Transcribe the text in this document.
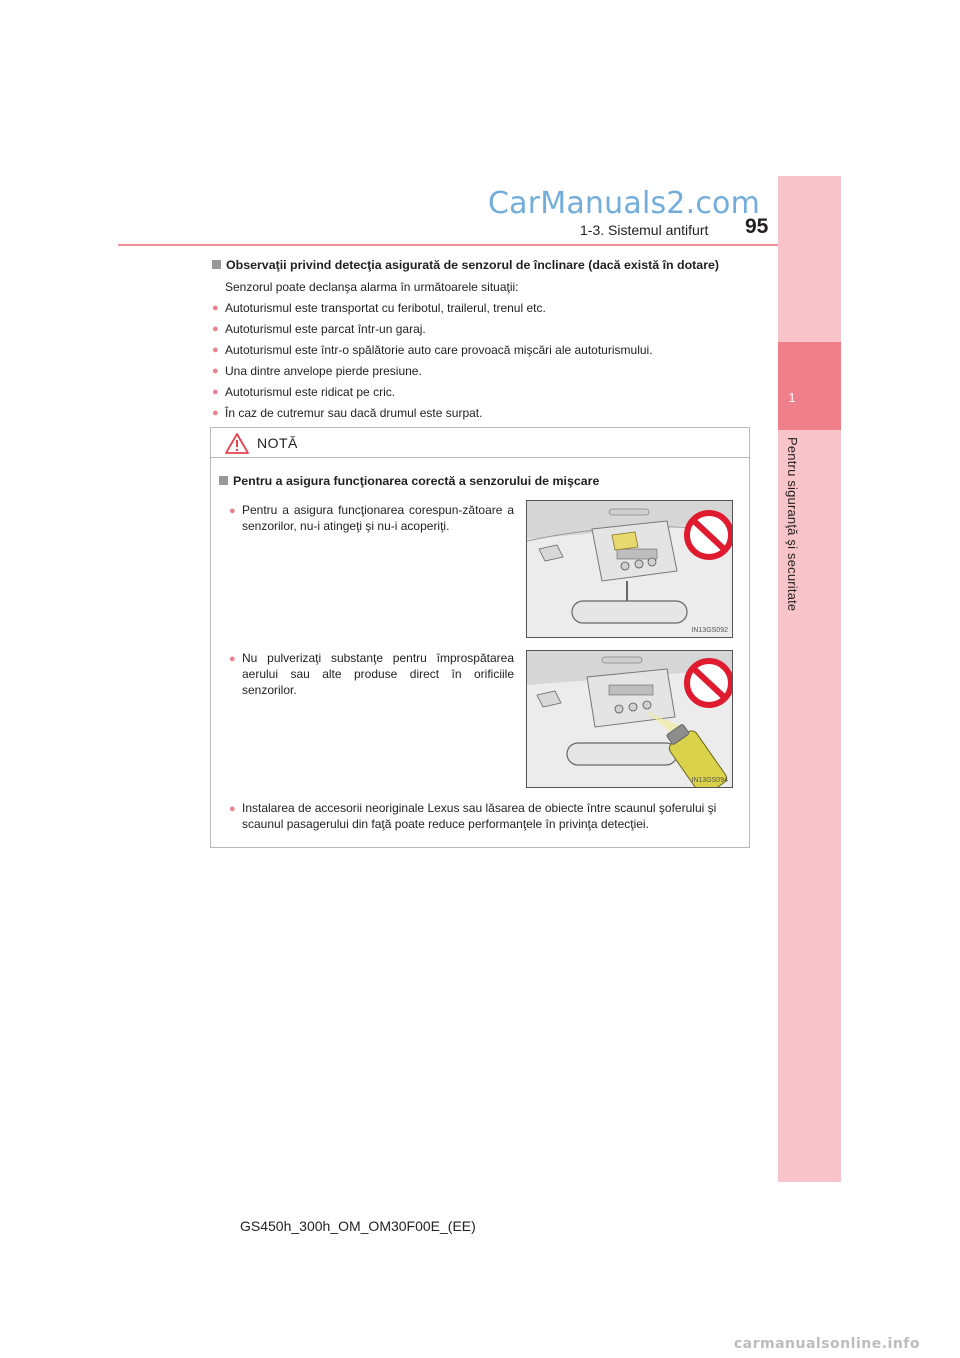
CarManuals2.com
1-3. Sistemul antifurt 95
1
Pentru siguranţă şi securitate
Observaţii privind detecţia asigurată de senzorul de înclinare (dacă există în dotare)

Senzorul poate declanşa alarma în următoarele situaţii:

● Autoturismul este transportat cu feribotul, trailerul, trenul etc.
● Autoturismul este parcat într-un garaj.
● Autoturismul este într-o spălătorie auto care provoacă mişcări ale autoturismului.
● Una dintre anvelope pierde presiune.
● Autoturismul este ridicat pe cric.
● În caz de cutremur sau dacă drumul este surpat.
NOTĂ
Pentru a asigura funcţionarea corectă a senzorului de mişcare
● Pentru a asigura funcţionarea corespun-zătoare a senzorilor, nu-i atingeţi şi nu-i acoperiţi.
IN13GS092
● Nu pulverizaţi substanţe pentru împrospătarea aerului sau alte produse direct în orificiile senzorilor.
IN13GS094
● Instalarea de accesorii neoriginale Lexus sau lăsarea de obiecte între scaunul şoferului şi scaunul pasagerului din faţă poate reduce performanţele în privinţa detecţiei.
GS450h_300h_OM_OM30F00E_(EE)
carmanualsonline.info
